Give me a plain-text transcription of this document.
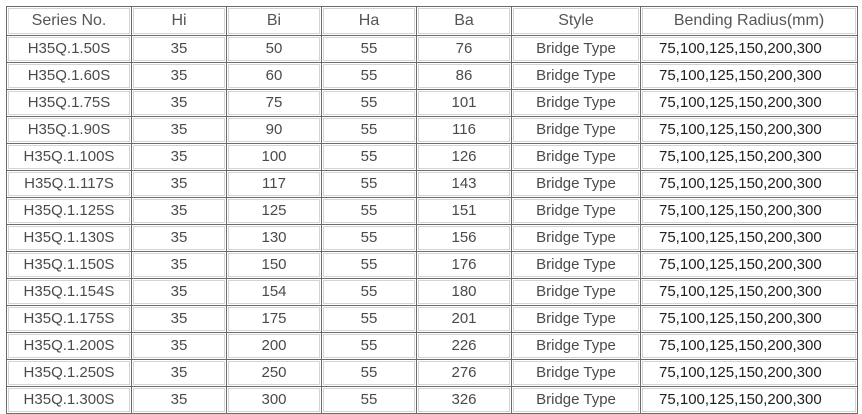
Series No.	Hi	Bi	Ha	Ba	Style	Bending Radius(mm)

H35Q.1.50S	35	50	55	76	Bridge Type	75,100,125,150,200,300

H35Q.1.60S	35	60	55	86	Bridge Type	75,100,125,150,200,300

H35Q.1.75S	35	75	55	101	Bridge Type	75,100,125,150,200,300

H35Q.1.90S	35	90	55	116	Bridge Type	75,100,125,150,200,300

H35Q.1.100S	35	100	55	126	Bridge Type	75,100,125,150,200,300

H35Q.1.117S	35	117	55	143	Bridge Type	75,100,125,150,200,300

H35Q.1.125S	35	125	55	151	Bridge Type	75,100,125,150,200,300

H35Q.1.130S	35	130	55	156	Bridge Type	75,100,125,150,200,300

H35Q.1.150S	35	150	55	176	Bridge Type	75,100,125,150,200,300

H35Q.1.154S	35	154	55	180	Bridge Type	75,100,125,150,200,300

H35Q.1.175S	35	175	55	201	Bridge Type	75,100,125,150,200,300

H35Q.1.200S	35	200	55	226	Bridge Type	75,100,125,150,200,300

H35Q.1.250S	35	250	55	276	Bridge Type	75,100,125,150,200,300

H35Q.1.300S	35	300	55	326	Bridge Type	75,100,125,150,200,300
